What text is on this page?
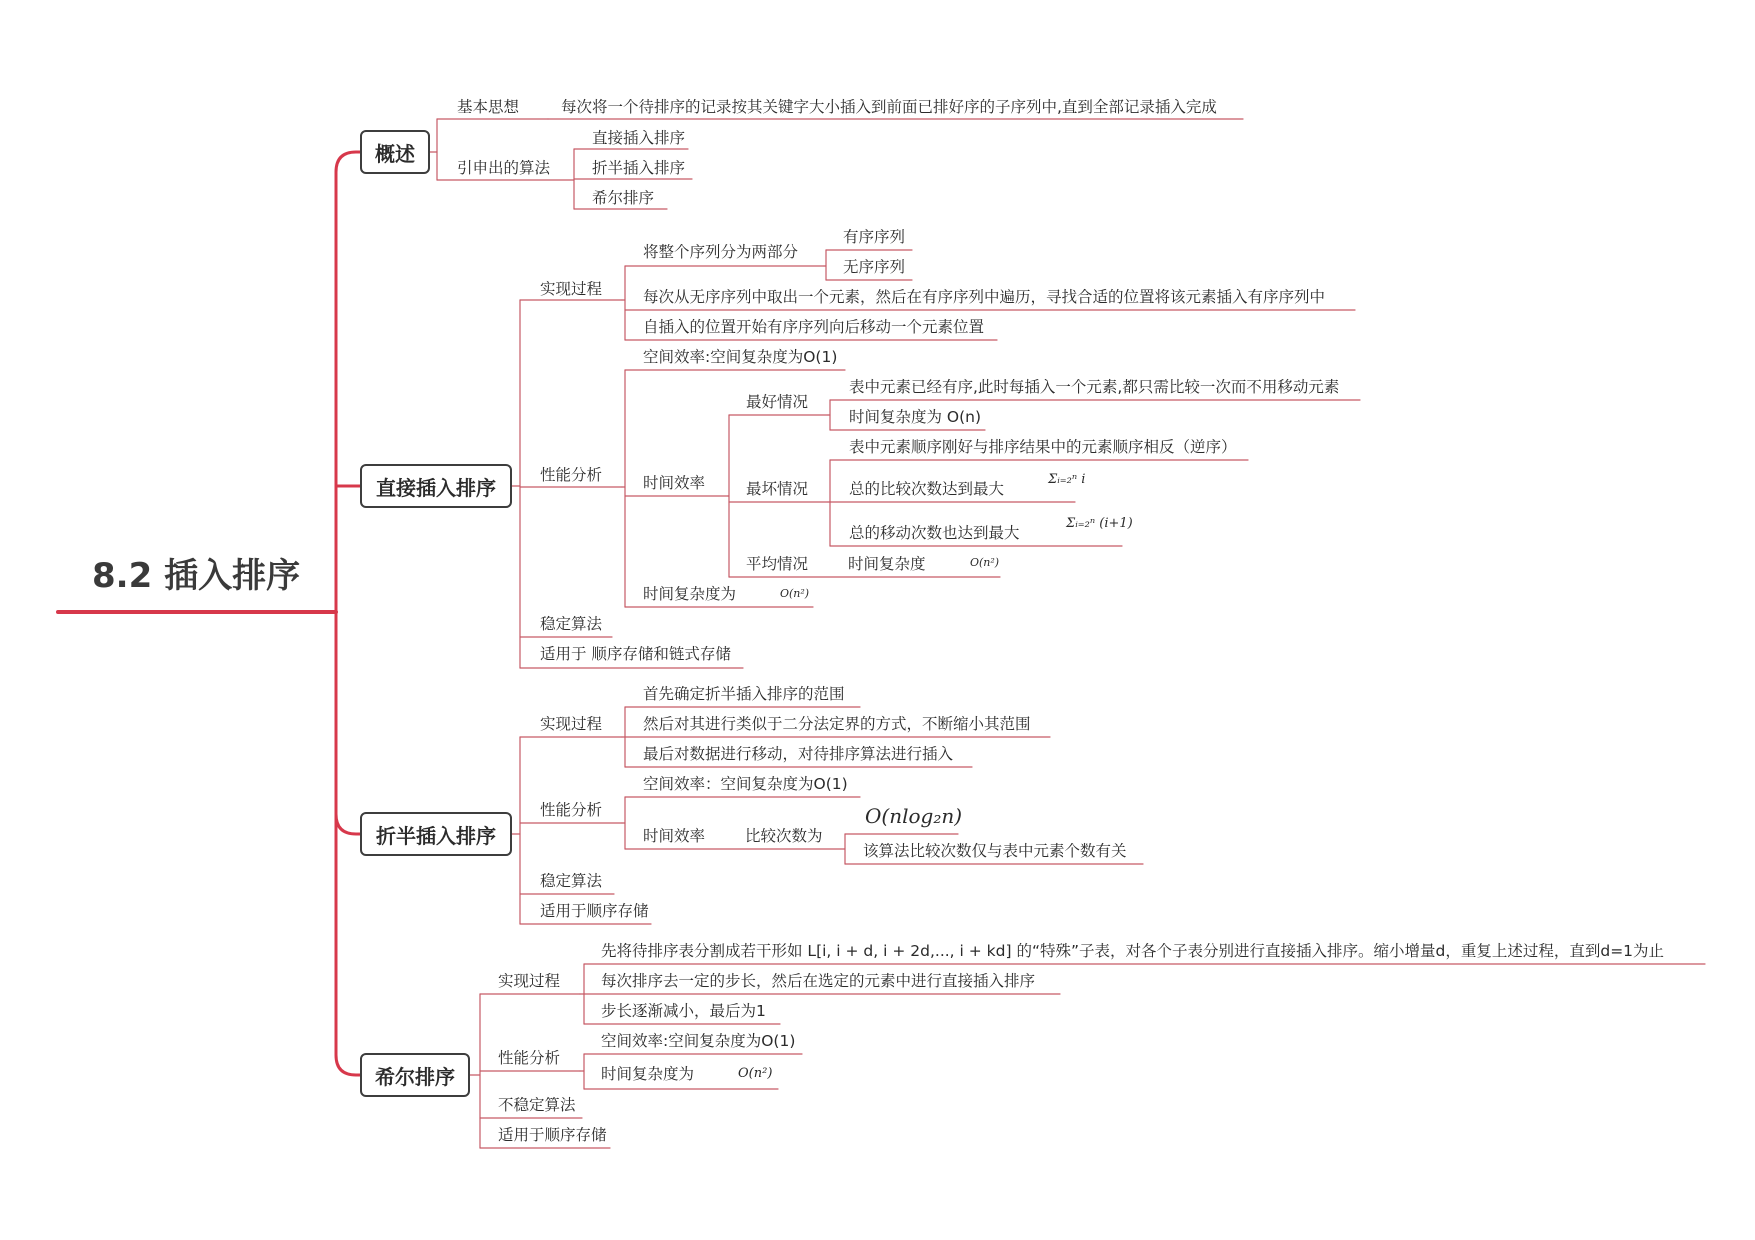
8.2 插入排序
概述
直接插入排序
折半插入排序
希尔排序
基本思想	每次将一个待排序的记录按其关键字大小插入到前面已排好序的子序列中,直到全部记录插入完成
引申出的算法
直接插入排序
折半插入排序
希尔排序
实现过程
将整个序列分为两部分
有序序列
无序序列
每次从无序序列中取出一个元素，然后在有序序列中遍历，寻找合适的位置将该元素插入有序序列中
自插入的位置开始有序序列向后移动一个元素位置
性能分析
空间效率:空间复杂度为O(1)
时间效率
最好情况
表中元素已经有序,此时每插入一个元素,都只需比较一次而不用移动元素
时间复杂度为 O(n)
最坏情况
表中元素顺序刚好与排序结果中的元素顺序相反（逆序）
总的比较次数达到最大
Σᵢ₌₂ⁿ i
总的移动次数也达到最大
Σᵢ₌₂ⁿ (i+1)
平均情况	时间复杂度	O(n²)
时间复杂度为	O(n²)
稳定算法
适用于 顺序存储和链式存储
实现过程
首先确定折半插入排序的范围
然后对其进行类似于二分法定界的方式，不断缩小其范围
最后对数据进行移动，对待排序算法进行插入
性能分析
空间效率：空间复杂度为O(1)
时间效率	比较次数为
O(nlog₂n)
该算法比较次数仅与表中元素个数有关
稳定算法
适用于顺序存储
实现过程
先将待排序表分割成若干形如 L[i, i + d, i + 2d,..., i + kd] 的“特殊”子表，对各个子表分别进行直接插入排序。缩小增量d，重复上述过程，直到d=1为止
每次排序去一定的步长，然后在选定的元素中进行直接插入排序
步长逐渐减小，最后为1
性能分析
空间效率:空间复杂度为O(1)
时间复杂度为	O(n²)
不稳定算法
适用于顺序存储
